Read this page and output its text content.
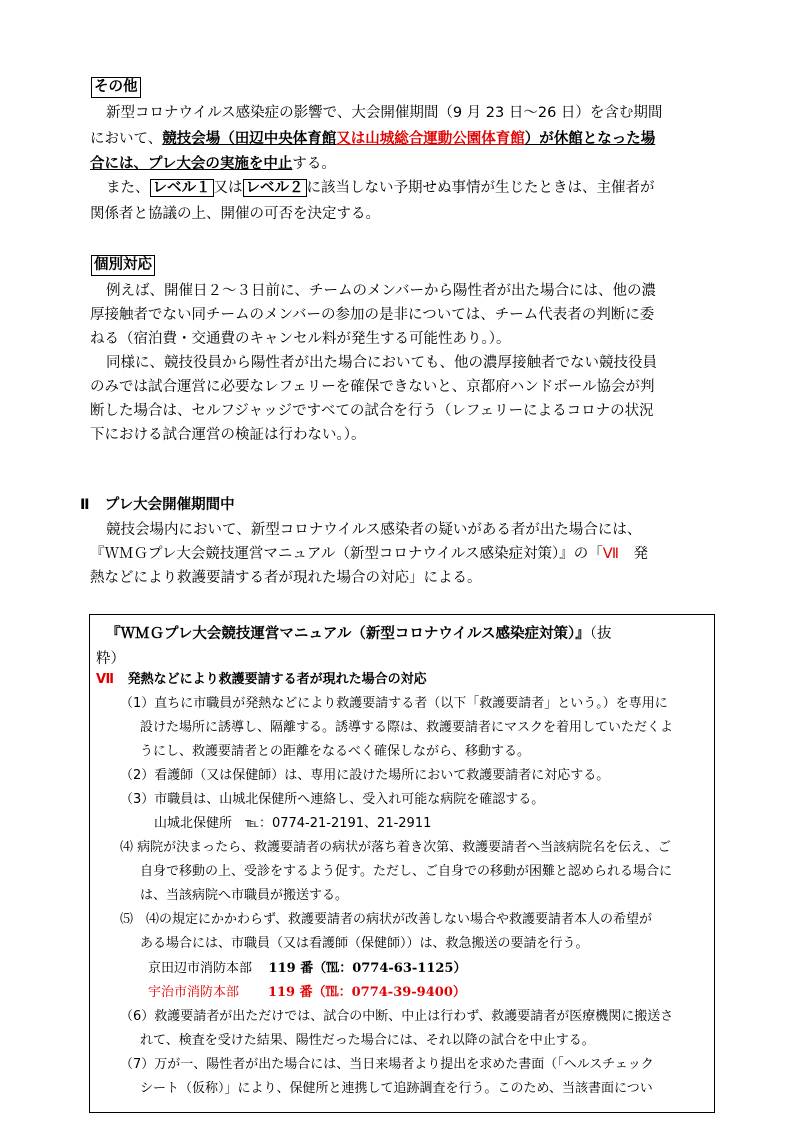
その他
新型コロナウイルス感染症の影響で、大会開催期間（9 月 23 日〜26 日）を含む期間
において、競技会場（田辺中央体育館又は山城総合運動公園体育館）が休館となった場
合には、プレ大会の実施を中止する。
また、 レベル１ 又は レベル２ に該当しない予期せぬ事情が生じたときは、主催者が
関係者と協議の上、開催の可否を決定する。
個別対応
例えば、開催日２〜３日前に、チームのメンバーから陽性者が出た場合には、他の濃
厚接触者でない同チームのメンバーの参加の是非については、チーム代表者の判断に委
ねる（宿泊費・交通費のキャンセル料が発生する可能性あり。）。
同様に、競技役員から陽性者が出た場合においても、他の濃厚接触者でない競技役員
のみでは試合運営に必要なレフェリーを確保できないと、京都府ハンドボール協会が判
断した場合は、セルフジャッジですべての試合を行う（レフェリーによるコロナの状況
下における試合運営の検証は行わない。）。
Ⅱ プレ大会開催期間中
競技会場内において、新型コロナウイルス感染者の疑いがある者が出た場合には、
『ＷＭＧプレ大会競技運営マニュアル（新型コロナウイルス感染症対策）』の「Ⅶ　発
熱などにより救護要請する者が現れた場合の対応」による。
『ＷＭＧプレ大会競技運営マニュアル（新型コロナウイルス感染症対策）』（抜
粋）
Ⅶ 発熱などにより救護要請する者が現れた場合の対応
（1）直ちに市職員が発熱などにより救護要請する者（以下「救護要請者」という。）を専用に
設けた場所に誘導し、隔離する。誘導する際は、救護要請者にマスクを着用していただくよ
うにし、救護要請者との距離をなるべく確保しながら、移動する。
（2）看護師（又は保健師）は、専用に設けた場所において救護要請者に対応する。
（3）市職員は、山城北保健所へ連絡し、受入れ可能な病院を確認する。
山城北保健所　℡：0774-21-2191、21-2911
⑷ 病院が決まったら、救護要請者の病状が落ち着き次第、救護要請者へ当該病院名を伝え、ご
自身で移動の上、受診をするよう促す。ただし、ご自身での移動が困難と認められる場合に
は、当該病院へ市職員が搬送する。
⑸　⑷の規定にかかわらず、救護要請者の病状が改善しない場合や救護要請者本人の希望が
ある場合には、市職員（又は看護師（保健師））は、救急搬送の要請を行う。
京田辺市消防本部 119 番（℡：0774-63-1125）
宇治市消防本部 119 番（℡：0774-39-9400）
（6）救護要請者が出ただけでは、試合の中断、中止は行わず、救護要請者が医療機関に搬送さ
れて、検査を受けた結果、陽性だった場合には、それ以降の試合を中止する。
（7）万が一、陽性者が出た場合には、当日来場者より提出を求めた書面（「ヘルスチェック
シート（仮称）」により、保健所と連携して追跡調査を行う。このため、当該書面につい
